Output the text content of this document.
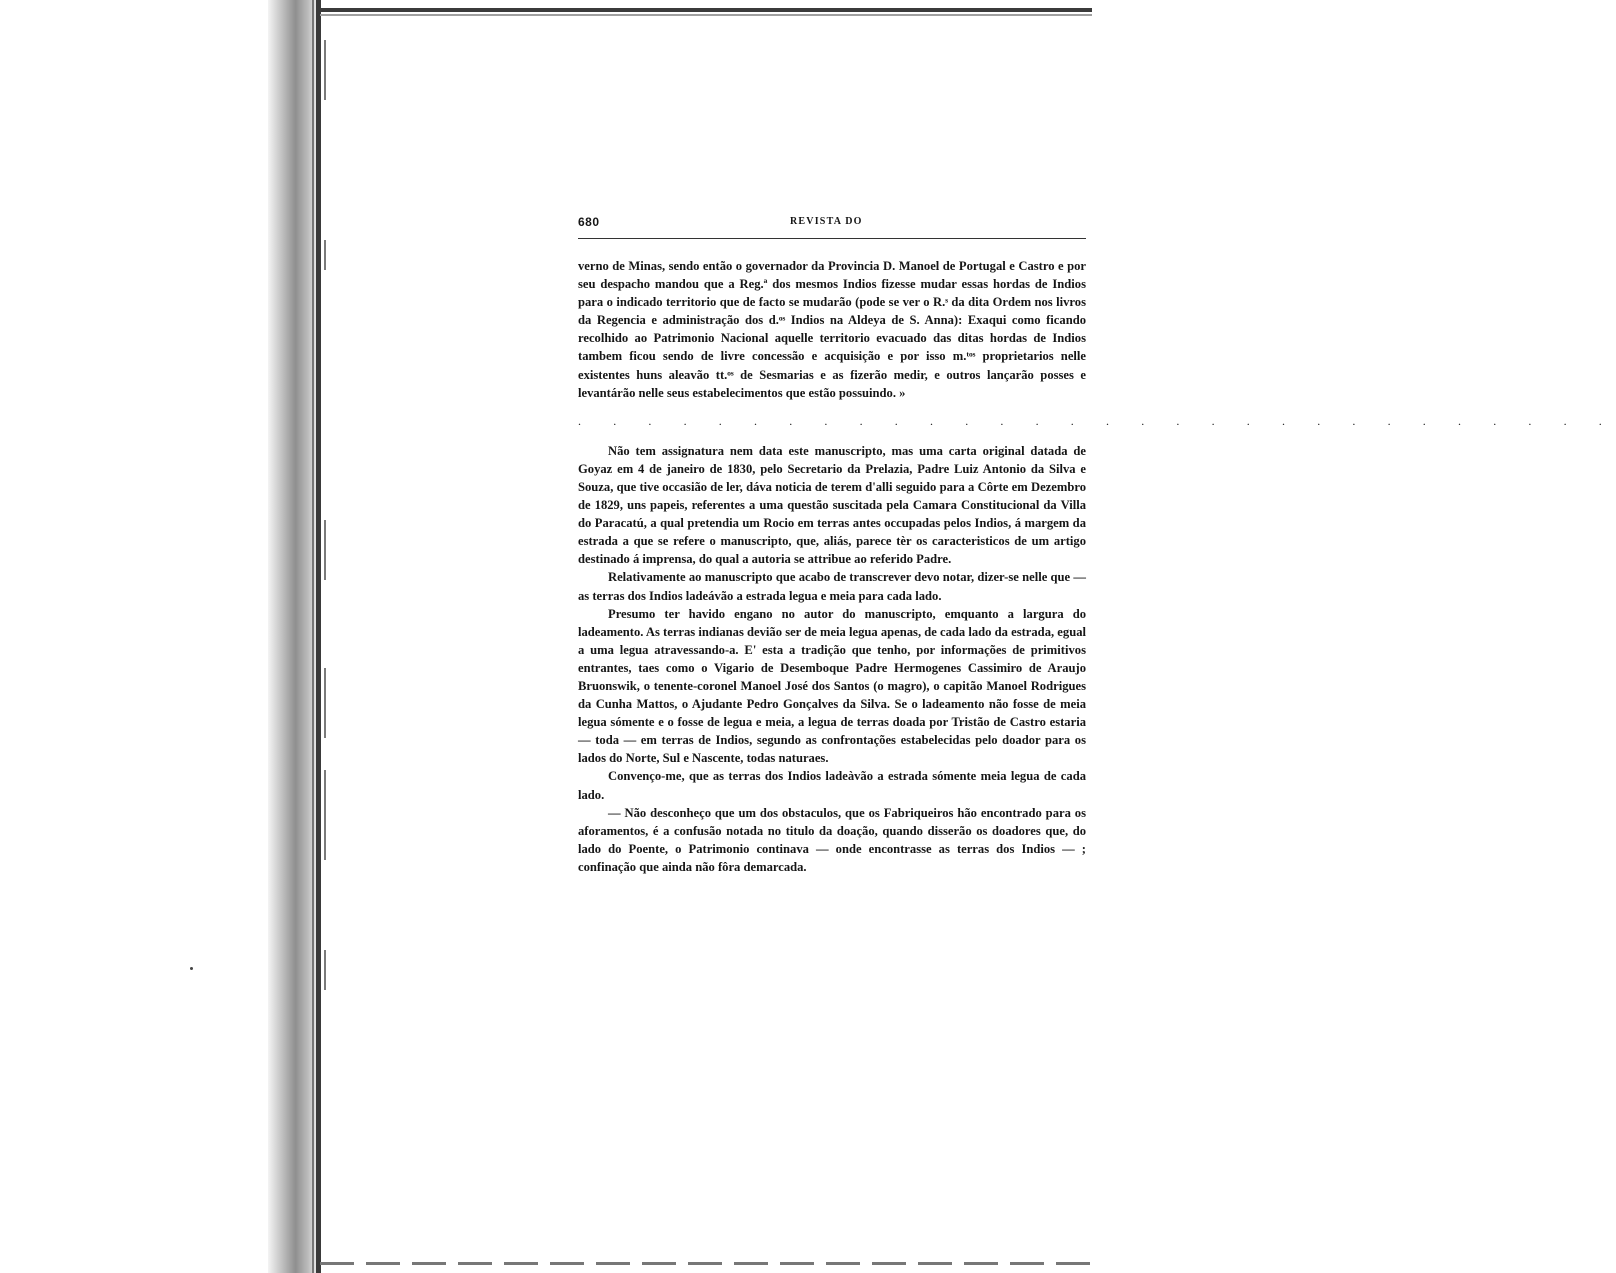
680	REVISTA DO

verno de Minas, sendo então o governador da Provincia D. Manoel de Portugal e Castro e por seu despacho mandou que a Reg.ª dos mesmos Indios fizesse mudar essas hordas de Indios para o indicado territorio que de facto se mudarão (pode se ver o R.ˢ da dita Ordem nos livros da Regencia e administração dos d.ᵒˢ Indios na Aldeya de S. Anna): Exaqui como ficando recolhido ao Patrimonio Nacional aquelle territorio evacuado das ditas hordas de Indios tambem ficou sendo de livre concessão e acquisição e por isso m.ᵗᵒˢ proprietarios nelle existentes huns aleavão tt.ᵒˢ de Sesmarias e as fizerão medir, e outros lançarão posses e levantárão nelle seus estabelecimentos que estão possuindo. »

. . . . . . . . . . . . . . . . . . . . . . . . . . . . . .

Não tem assignatura nem data este manuscripto, mas uma carta original datada de Goyaz em 4 de janeiro de 1830, pelo Secretario da Prelazia, Padre Luiz Antonio da Silva e Souza, que tive occasião de ler, dáva noticia de terem d'alli seguido para a Côrte em Dezembro de 1829, uns papeis, referentes a uma questão suscitada pela Camara Constitucional da Villa do Paracatú, a qual pretendia um Rocio em terras antes occupadas pelos Indios, á margem da estrada a que se refere o manuscripto, que, aliás, parece tèr os caracteristicos de um artigo destinado á imprensa, do qual a autoria se attribue ao referido Padre.

Relativamente ao manuscripto que acabo de transcrever devo notar, dizer-se nelle que — as terras dos Indios ladeávão a estrada legua e meia para cada lado.

Presumo ter havido engano no autor do manuscripto, emquanto a largura do ladeamento. As terras indianas devião ser de meia legua apenas, de cada lado da estrada, egual a uma legua atravessando-a. E' esta a tradição que tenho, por informações de primitivos entrantes, taes como o Vigario de Desemboque Padre Hermogenes Cassimiro de Araujo Bruonswik, o tenente-coronel Manoel José dos Santos (o magro), o capitão Manoel Rodrigues da Cunha Mattos, o Ajudante Pedro Gonçalves da Silva. Se o ladeamento não fosse de meia legua sómente e o fosse de legua e meia, a legua de terras doada por Tristão de Castro estaria — toda — em terras de Indios, segundo as confrontações estabelecidas pelo doador para os lados do Norte, Sul e Nascente, todas naturaes.

Convenço-me, que as terras dos Indios ladeàvão a estrada sómente meia legua de cada lado.

— Não desconheço que um dos obstaculos, que os Fabriqueiros hão encontrado para os aforamentos, é a confusão notada no titulo da doação, quando disserão os doadores que, do lado do Poente, o Patrimonio continava — onde encontrasse as terras dos Indios — ; confinação que ainda não fôra demarcada.
